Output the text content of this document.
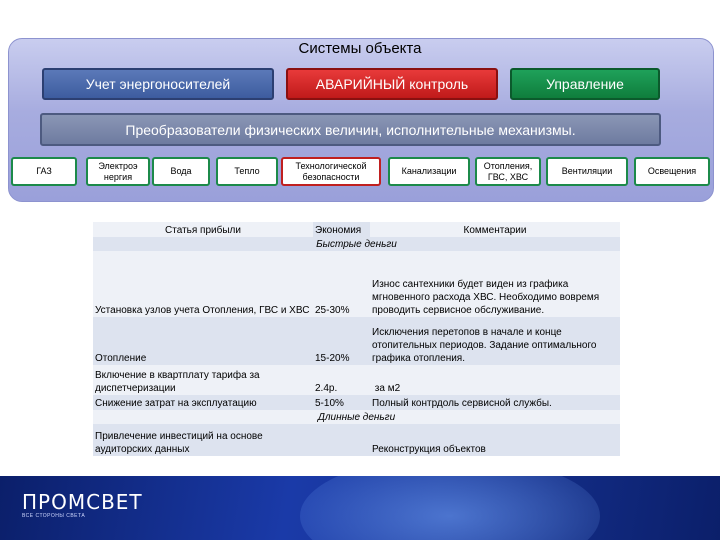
Системы объекта
Учет энергоносителей	АВАРИЙНЫЙ контроль	Управление
Преобразователи физических величин, исполнительные механизмы.
ГАЗ
Электроэ
нергия
Вода	Тепло
Технологической
безопасности
Канализации
Отопления,
ГВС, ХВС
Вентиляции	Освещения
Статья прибыли	Экономия	Комментарии
Быстрые деньги		
Установка узлов учета Отопления, ГВС и ХВС	25-30%	Износ сантехники будет виден из графика мгновенного расхода ХВС. Необходимо вовремя проводить сервисное обслуживание.
Отопление	15-20%	Исключения перетопов в начале и конце отопительных периодов. Задание оптимального графика отопления.
Включение в квартплату тарифа за диспетчеризации	2.4р.	за м2
Снижение затрат на эксплуатацию	5-10%	Полный контрдоль сервисной службы.
Длинные деньги		
Привлечение инвестиций на основе аудиторских данных		Реконструкция объектов
ПРОМСВЕТ
ВСЕ СТОРОНЫ СВЕТА
